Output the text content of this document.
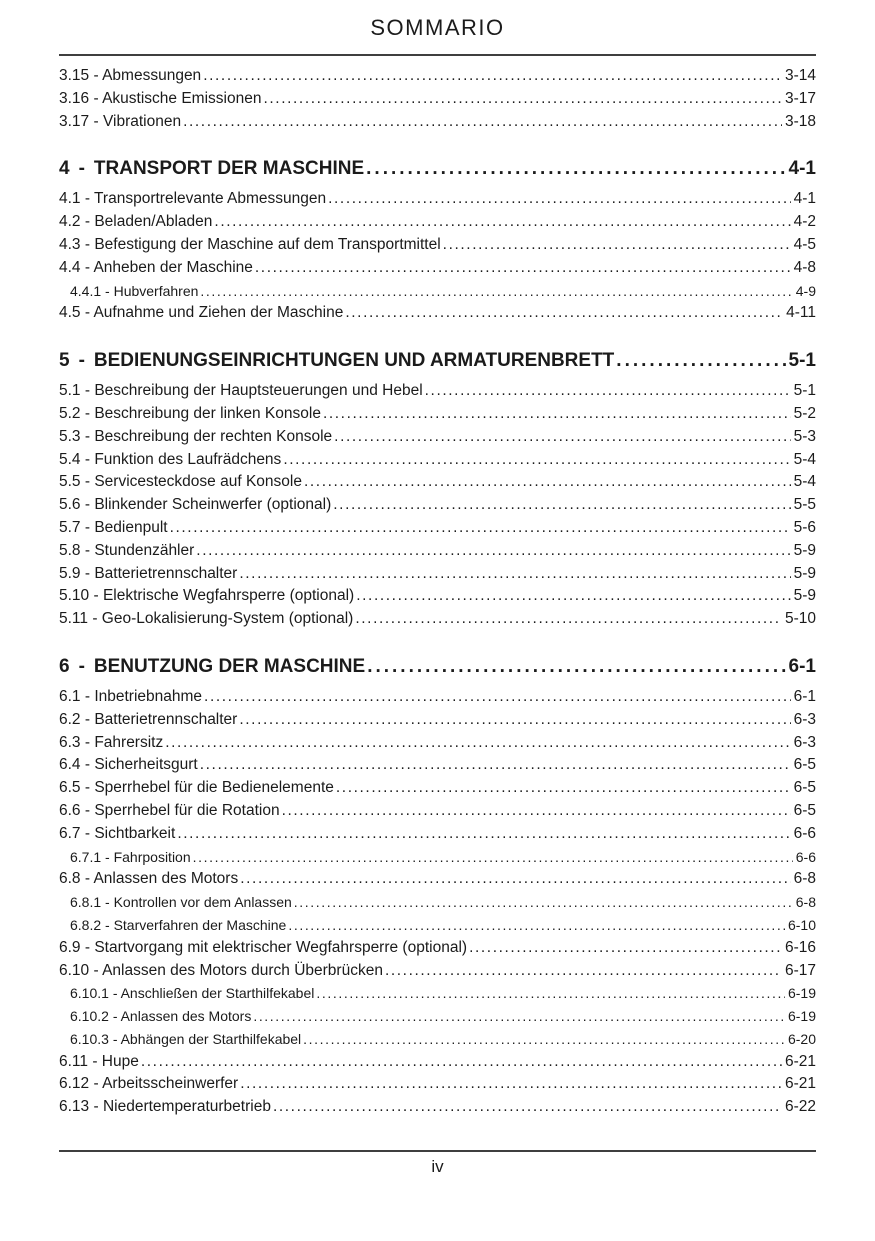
SOMMARIO
3.15 - Abmessungen .....	3-14
3.16 - Akustische Emissionen .....	3-17
3.17 - Vibrationen .....	3-18
4 - TRANSPORT DER MASCHINE .....	4-1
4.1 - Transportrelevante Abmessungen .....	4-1
4.2 - Beladen/Abladen .....	4-2
4.3 - Befestigung der Maschine auf dem Transportmittel .....	4-5
4.4 - Anheben der Maschine .....	4-8
4.4.1 - Hubverfahren .....	4-9
4.5 - Aufnahme und Ziehen der Maschine .....	4-11
5 - BEDIENUNGSEINRICHTUNGEN UND ARMATURENBRETT .....	5-1
5.1 - Beschreibung der Hauptsteuerungen und Hebel .....	5-1
5.2 - Beschreibung der linken Konsole .....	5-2
5.3 - Beschreibung der rechten Konsole .....	5-3
5.4 - Funktion des Laufrädchens .....	5-4
5.5 - Servicesteckdose auf Konsole .....	5-4
5.6 - Blinkender Scheinwerfer (optional) .....	5-5
5.7 - Bedienpult .....	5-6
5.8 - Stundenzähler .....	5-9
5.9 - Batterietrennschalter .....	5-9
5.10 - Elektrische Wegfahrsperre (optional) .....	5-9
5.11 - Geo-Lokalisierung-System (optional) .....	5-10
6 - BENUTZUNG DER MASCHINE .....	6-1
6.1 - Inbetriebnahme .....	6-1
6.2 - Batterietrennschalter .....	6-3
6.3 - Fahrersitz .....	6-3
6.4 - Sicherheitsgurt .....	6-5
6.5 - Sperrhebel für die Bedienelemente .....	6-5
6.6 - Sperrhebel für die Rotation .....	6-5
6.7 - Sichtbarkeit .....	6-6
6.7.1 - Fahrposition .....	6-6
6.8 - Anlassen des Motors .....	6-8
6.8.1 - Kontrollen vor dem Anlassen .....	6-8
6.8.2 - Starverfahren der Maschine .....	6-10
6.9 - Startvorgang mit elektrischer Wegfahrsperre (optional) .....	6-16
6.10 - Anlassen des Motors durch Überbrücken .....	6-17
6.10.1 - Anschließen der Starthilfekabel .....	6-19
6.10.2 - Anlassen des Motors .....	6-19
6.10.3 - Abhängen der Starthilfekabel .....	6-20
6.11 - Hupe .....	6-21
6.12 - Arbeitsscheinwerfer .....	6-21
6.13 - Niedertemperaturbetrieb .....	6-22
iv
